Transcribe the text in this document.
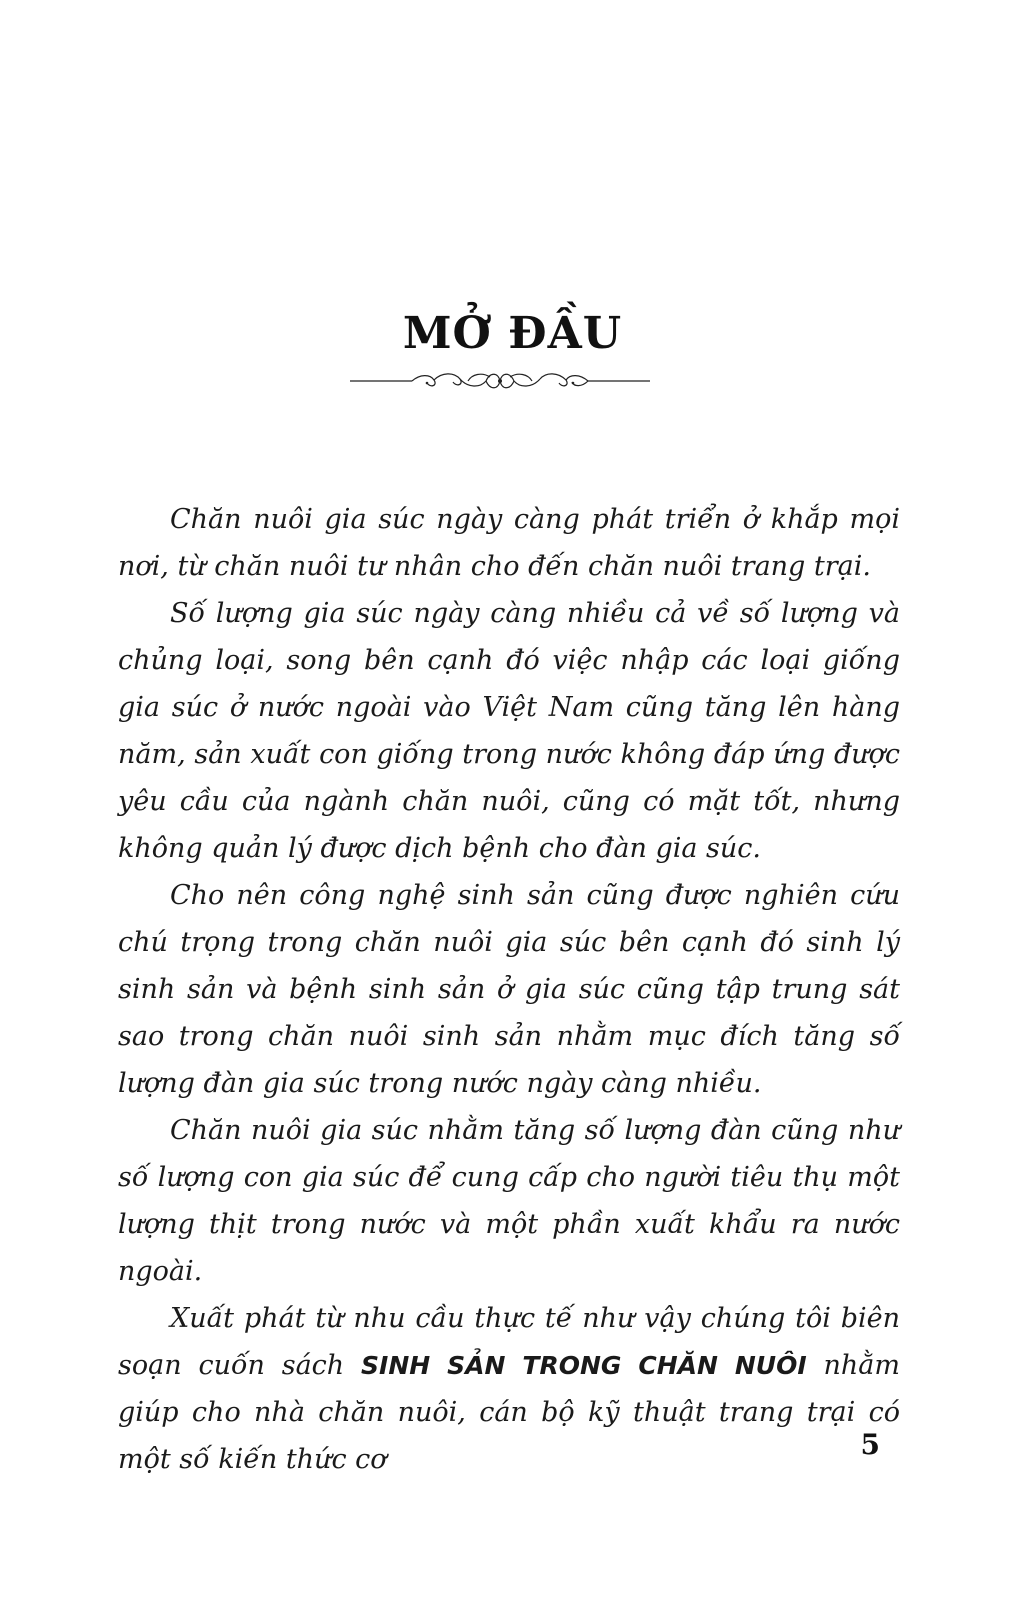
MỞ ĐẦU

Chăn nuôi gia súc ngày càng phát triển ở khắp mọi nơi, từ chăn nuôi tư nhân cho đến chăn nuôi trang trại.

Số lượng gia súc ngày càng nhiều cả về số lượng và chủng loại, song bên cạnh đó việc nhập các loại giống gia súc ở nước ngoài vào Việt Nam cũng tăng lên hàng năm, sản xuất con giống trong nước không đáp ứng được yêu cầu của ngành chăn nuôi, cũng có mặt tốt, nhưng không quản lý được dịch bệnh cho đàn gia súc.

Cho nên công nghệ sinh sản cũng được nghiên cứu chú trọng trong chăn nuôi gia súc bên cạnh đó sinh lý sinh sản và bệnh sinh sản ở gia súc cũng tập trung sát sao trong chăn nuôi sinh sản nhằm mục đích tăng số lượng đàn gia súc trong nước ngày càng nhiều.

Chăn nuôi gia súc nhằm tăng số lượng đàn cũng như số lượng con gia súc để cung cấp cho người tiêu thụ một lượng thịt trong nước và một phần xuất khẩu ra nước ngoài.

Xuất phát từ nhu cầu thực tế như vậy chúng tôi biên soạn cuốn sách SINH SẢN TRONG CHĂN NUÔI nhằm giúp cho nhà chăn nuôi, cán bộ kỹ thuật trang trại có một số kiến thức cơ	5
